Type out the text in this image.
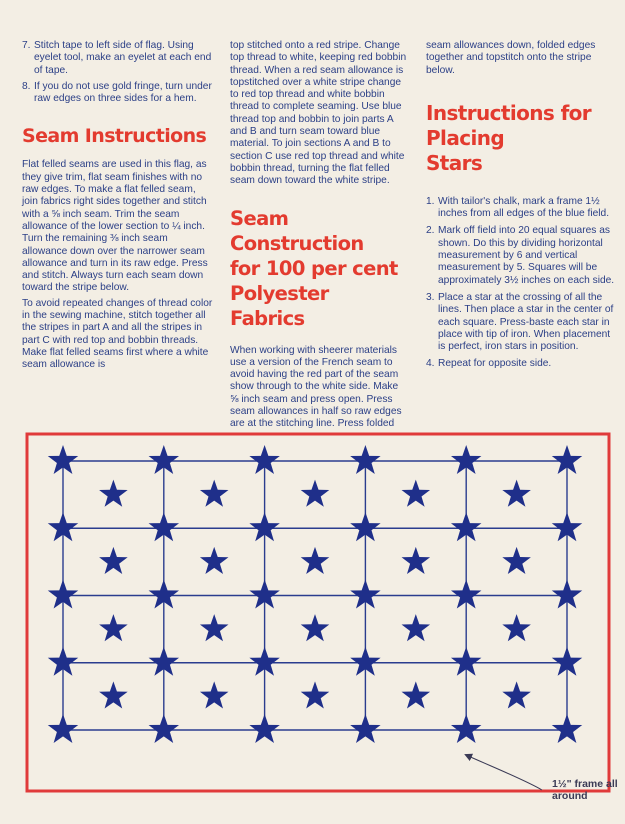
7. Stitch tape to left side of flag. Using eyelet tool, make an eyelet at each end of tape.
8. If you do not use gold fringe, turn under raw edges on three sides for a hem.
Seam Instructions

Flat felled seams are used in this flag, as they give trim, flat seam finishes with no raw edges. To make a flat felled seam, join fabrics right sides together and stitch with a ⅝ inch seam. Trim the seam allowance of the lower section to ¼ inch. Turn the remaining ⅜ inch seam allowance down over the narrower seam allowance and turn in its raw edge. Press and stitch. Always turn each seam down toward the stripe below.

To avoid repeated changes of thread color in the sewing machine, stitch together all the stripes in part A and all the stripes in part C with red top and bobbin threads. Make flat felled seams first where a white seam allowance is

top stitched onto a red stripe. Change top thread to white, keeping red bobbin thread. When a red seam allowance is topstitched over a white stripe change to red top thread and white bobbin thread to complete seaming. Use blue thread top and bobbin to join parts A and B and turn seam toward blue material. To join sections A and B to section C use red top thread and white bobbin thread, turning the flat felled seam down toward the white stripe.

Seam Construction
for 100 per cent
Polyester Fabrics

When working with sheerer materials use a version of the French seam to avoid having the red part of the seam show through to the white side. Make ⅝ inch seam and press open. Press seam allowances in half so raw edges are at the stitching line. Press folded

seam allowances down, folded edges together and topstitch onto the stripe below.

Instructions for
Placing
Stars
1. With tailor's chalk, mark a frame 1½ inches from all edges of the blue field.
2. Mark off field into 20 equal squares as shown. Do this by dividing horizontal measurement by 6 and vertical measurement by 5. Squares will be approximately 3½ inches on each side.
3. Place a star at the crossing of all the lines. Then place a star in the center of each square. Press-baste each star in place with tip of iron. When placement is perfect, iron stars in position.
4. Repeat for opposite side.
1½" frame all around
